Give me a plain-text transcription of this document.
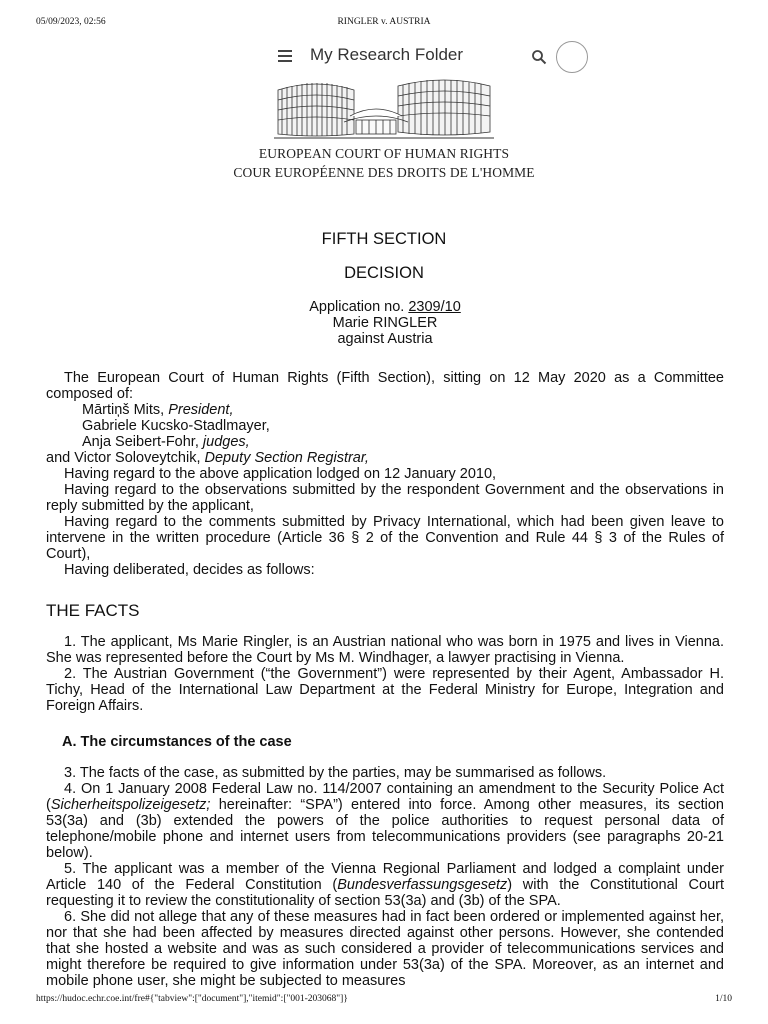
05/09/2023, 02:56	RINGLER v. AUSTRIA
My Research Folder
EUROPEAN COURT OF HUMAN RIGHTS
COUR EUROPÉENNE DES DROITS DE L'HOMME
FIFTH SECTION
DECISION
Application no. 2309/10
Marie RINGLER
against Austria

The European Court of Human Rights (Fifth Section), sitting on 12 May 2020 as a Committee composed of:

Mārtiņš Mits, President,
Gabriele Kucsko-Stadlmayer,
Anja Seibert-Fohr, judges,
and Victor Soloveytchik, Deputy Section Registrar,

Having regard to the above application lodged on 12 January 2010,

Having regard to the observations submitted by the respondent Government and the observations in reply submitted by the applicant,

Having regard to the comments submitted by Privacy International, which had been given leave to intervene in the written procedure (Article 36 § 2 of the Convention and Rule 44 § 3 of the Rules of Court),

Having deliberated, decides as follows:

THE FACTS

1. The applicant, Ms Marie Ringler, is an Austrian national who was born in 1975 and lives in Vienna. She was represented before the Court by Ms M. Windhager, a lawyer practising in Vienna.

2. The Austrian Government (“the Government”) were represented by their Agent, Ambassador H. Tichy, Head of the International Law Department at the Federal Ministry for Europe, Integration and Foreign Affairs.

A. The circumstances of the case

3. The facts of the case, as submitted by the parties, may be summarised as follows.

4. On 1 January 2008 Federal Law no. 114/2007 containing an amendment to the Security Police Act (Sicherheitspolizeigesetz; hereinafter: “SPA”) entered into force. Among other measures, its section 53(3a) and (3b) extended the powers of the police authorities to request personal data of telephone/mobile phone and internet users from telecommunications providers (see paragraphs 20-21 below).

5. The applicant was a member of the Vienna Regional Parliament and lodged a complaint under Article 140 of the Federal Constitution (Bundesverfassungsgesetz) with the Constitutional Court requesting it to review the constitutionality of section 53(3a) and (3b) of the SPA.

6. She did not allege that any of these measures had in fact been ordered or implemented against her, nor that she had been affected by measures directed against other persons. However, she contended that she hosted a website and was as such considered a provider of telecommunications services and might therefore be required to give information under 53(3a) of the SPA. Moreover, as an internet and mobile phone user, she might be subjected to measures

https://hudoc.echr.coe.int/fre#{"tabview":["document"],"itemid":["001-203068"]}	1/10
